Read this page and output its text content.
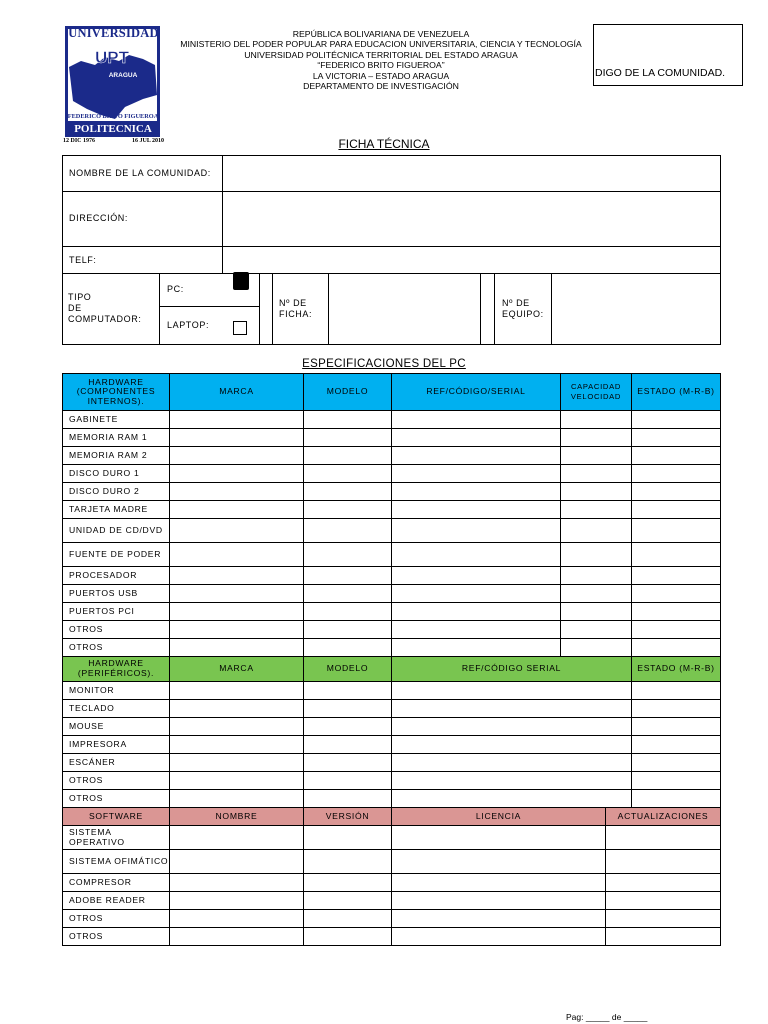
UNIVERSIDAD
UPT
ARAGUA
FEDERICO BRITO FIGUEROA
POLITECNICA
12 DIC 1976	16 JUL 2010
REPÚBLICA BOLIVARIANA DE VENEZUELA
MINISTERIO DEL PODER POPULAR PARA EDUCACION UNIVERSITARIA, CIENCIA Y TECNOLOGÍA
UNIVERSIDAD POLITÉCNICA TERRITORIAL DEL ESTADO ARAGUA
“FEDERICO BRITO FIGUEROA”
LA VICTORIA – ESTADO ARAGUA
DEPARTAMENTO DE INVESTIGACIÓN
DIGO DE LA COMUNIDAD.
FICHA TÉCNICA
NOMBRE DE LA COMUNIDAD:
DIRECCIÓN:
TELF:
TIPO
DE
COMPUTADOR:
PC:
LAPTOP:
Nº DE
FICHA:
Nº DE
EQUIPO:
ESPECIFICACIONES DEL PC
HARDWARE (COMPONENTES INTERNOS).	MARCA	MODELO	REF/CÓDIGO/SERIAL	CAPACIDAD VELOCIDAD		ESTADO (M-R-B)
GABINETE						
MEMORIA RAM 1						
MEMORIA RAM 2						
DISCO DURO 1						
DISCO DURO 2						
TARJETA MADRE						
UNIDAD DE CD/DVD						
FUENTE DE PODER						
PROCESADOR						
PUERTOS USB						
PUERTOS PCI						
OTROS						
OTROS						
HARDWARE (PERIFÉRICOS).	MARCA	MODELO	REF/CÓDIGO SERIAL			ESTADO (M-R-B)
MONITOR						
TECLADO						
MOUSE						
IMPRESORA						
ESCÁNER						
OTROS						
OTROS						
SOFTWARE	NOMBRE	VERSIÓN	LICENCIA		ACTUALIZACIONES	
SISTEMA OPERATIVO						
SISTEMA OFIMÁTICO						
COMPRESOR						
ADOBE READER						
OTROS						
OTROS						
Pag: _____ de _____
